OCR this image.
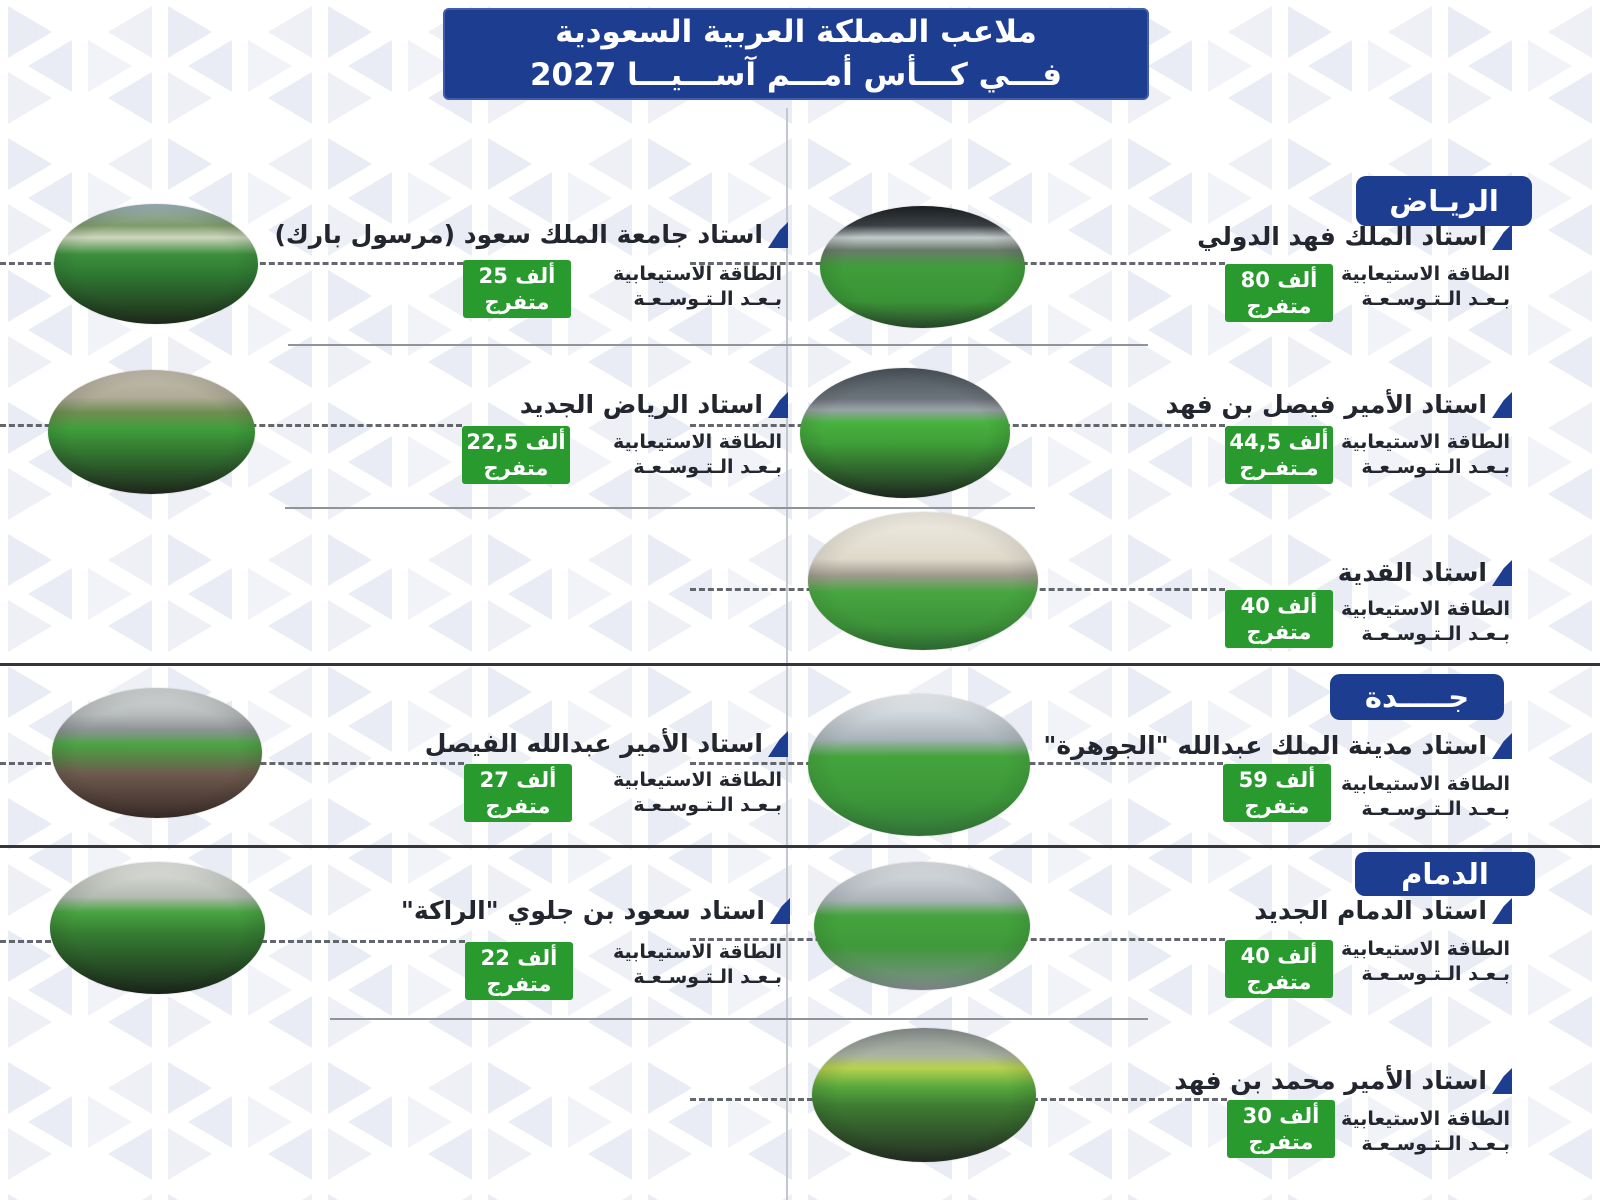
ملاعب المملكة العربية السعودية
فـــي كـــأس أمـــم آســـيـــا 2027
الريـاض
جـــــدة
الدمام
استاد الملك فهد الدولي
الطاقة الاستيعابية
بـعـد الـتـوسـعـة
80 ألف
متفرج
استاد جامعة الملك سعود (مرسول بارك)
الطاقة الاستيعابية
بـعـد الـتـوسـعـة
25 ألف
متفرج
استاد الأمير فيصل بن فهد
الطاقة الاستيعابية
بـعـد الـتـوسـعـة
44,5 ألف
مـتفـرج
استاد الرياض الجديد
الطاقة الاستيعابية
بـعـد الـتـوسـعـة
22,5 ألف
متفرج
استاد القدية
الطاقة الاستيعابية
بـعـد الـتـوسـعـة
40 ألف
متفرج
استاد مدينة الملك عبدالله "الجوهرة"
الطاقة الاستيعابية
بـعـد الـتـوسـعـة
59 ألف
متفرج
استاد الأمير عبدالله الفيصل
الطاقة الاستيعابية
بـعـد الـتـوسـعـة
27 ألف
متفرج
استاد الدمام الجديد
الطاقة الاستيعابية
بـعـد الـتـوسـعـة
40 ألف
متفرج
استاد سعود بن جلوي "الراكة"
الطاقة الاستيعابية
بـعـد الـتـوسـعـة
22 ألف
متفرج
استاد الأمير محمد بن فهد
الطاقة الاستيعابية
بـعـد الـتـوسـعـة
30 ألف
متفرج
